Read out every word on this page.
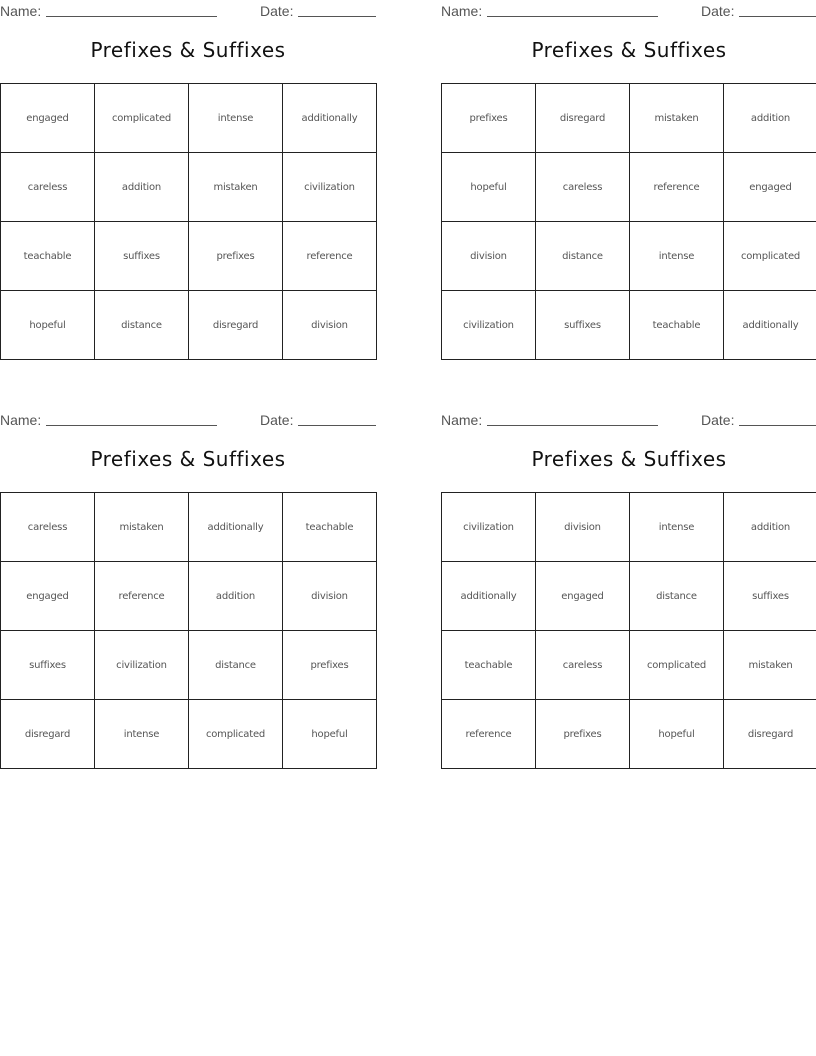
Name:	Date:
Prefixes & Suffixes
engaged	complicated	intense	additionally
careless	addition	mistaken	civilization
teachable	suffixes	prefixes	reference
hopeful	distance	disregard	division
Name:	Date:
Prefixes & Suffixes
prefixes	disregard	mistaken	addition
hopeful	careless	reference	engaged
division	distance	intense	complicated
civilization	suffixes	teachable	additionally
Name:	Date:
Prefixes & Suffixes
careless	mistaken	additionally	teachable
engaged	reference	addition	division
suffixes	civilization	distance	prefixes
disregard	intense	complicated	hopeful
Name:	Date:
Prefixes & Suffixes
civilization	division	intense	addition
additionally	engaged	distance	suffixes
teachable	careless	complicated	mistaken
reference	prefixes	hopeful	disregard
